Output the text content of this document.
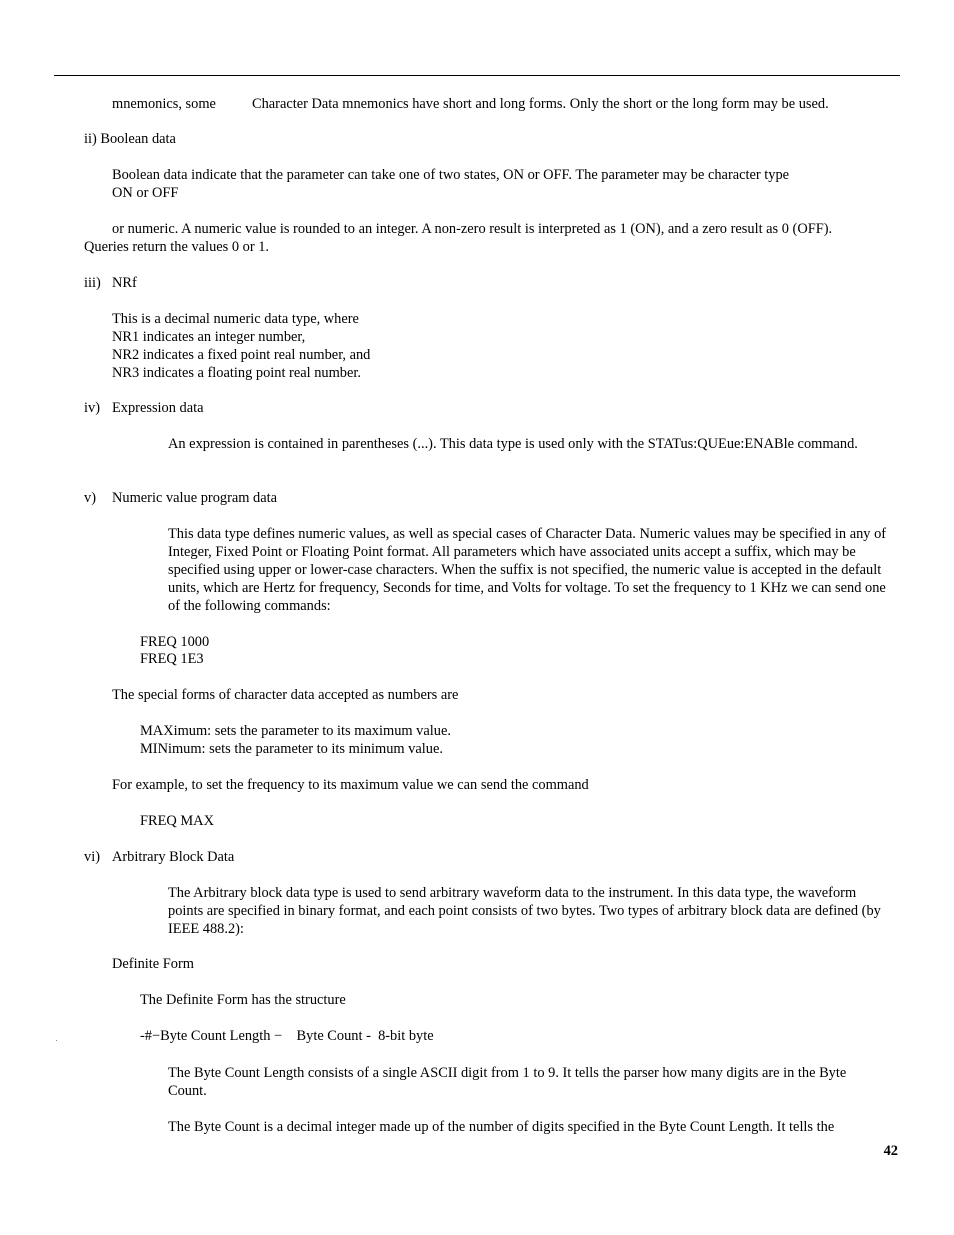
mnemonics, some	Character Data mnemonics have short and long forms. Only the short or the long form may be used.
ii) Boolean data
Boolean data indicate that the parameter can take one of two states, ON or OFF. The parameter may be character type
ON or OFF
or numeric. A numeric value is rounded to an integer. A non-zero result is interpreted as 1 (ON), and a zero result as 0 (OFF).
Queries return the values 0 or 1.
iii) NRf
This is a decimal numeric data type, where
NR1 indicates an integer number,
NR2 indicates a fixed point real number, and
NR3 indicates a floating point real number.
iv) Expression data
An expression is contained in parentheses (...). This data type is used only with the STATus:QUEue:ENABle command.
v) Numeric value program data
This data type defines numeric values, as well as special cases of Character Data. Numeric values may be specified in any of Integer, Fixed Point or Floating Point format. All parameters which have associated units accept a suffix, which may be specified using upper or lower-case characters. When the suffix is not specified, the numeric value is accepted in the default units, which are Hertz for frequency, Seconds for time, and Volts for voltage. To set the frequency to 1 KHz we can send one of the following commands:
FREQ 1000
FREQ 1E3
The special forms of character data accepted as numbers are
MAXimum: sets the parameter to its maximum value.
MINimum: sets the parameter to its minimum value.
For example, to set the frequency to its maximum value we can send the command
FREQ MAX
vi) Arbitrary Block Data
The Arbitrary block data type is used to send arbitrary waveform data to the instrument. In this data type, the waveform points are specified in binary format, and each point consists of two bytes. Two types of arbitrary block data are defined (by IEEE 488.2):
Definite Form
The Definite Form has the structure
-#−Byte Count Length −    Byte Count -  8-bit byte
The Byte Count Length consists of a single ASCII digit from 1 to 9. It tells the parser how many digits are in the Byte Count.
The Byte Count is a decimal integer made up of the number of digits specified in the Byte Count Length. It tells the
42
